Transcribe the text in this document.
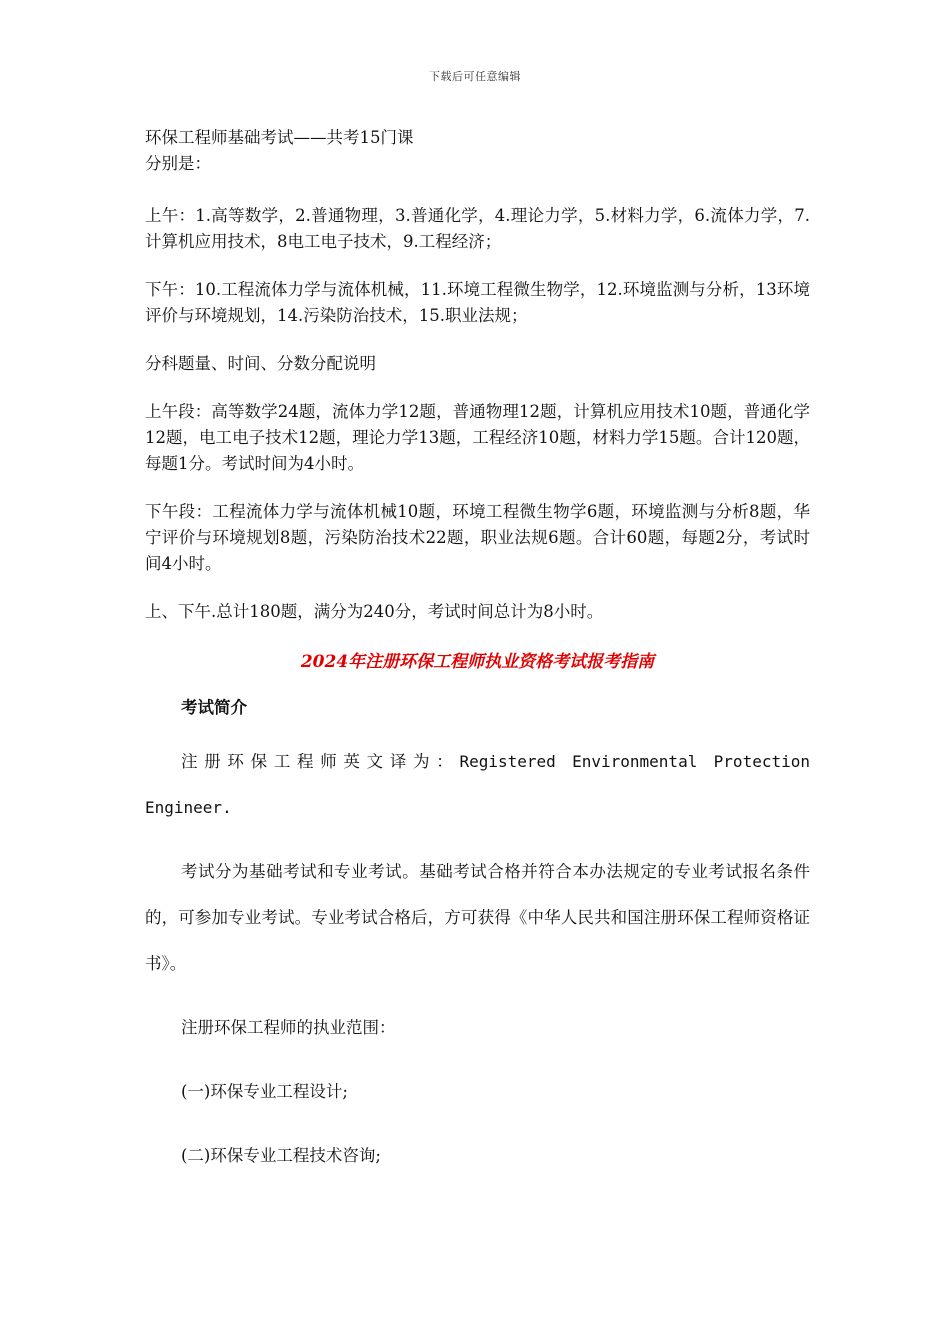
下载后可任意编辑

环保工程师基础考试——共考15门课

分别是：

上午：1.高等数学，2.普通物理，3.普通化学，4.理论力学，5.材料力学，6.流体力学，7.计算机应用技术，8电工电子技术，9.工程经济；

下午：10.工程流体力学与流体机械，11.环境工程微生物学，12.环境监测与分析，13环境评价与环境规划，14.污染防治技术，15.职业法规；

分科题量、时间、分数分配说明

上午段：高等数学24题，流体力学12题，普通物理12题，计算机应用技术10题，普通化学12题，电工电子技术12题，理论力学13题，工程经济10题，材料力学15题。合计120题，每题1分。考试时间为4小时。

下午段：工程流体力学与流体机械10题，环境工程微生物学6题，环境监测与分析8题，华宁评价与环境规划8题，污染防治技术22题，职业法规6题。合计60题，每题2分，考试时间4小时。

上、下午.总计180题，满分为240分，考试时间总计为8小时。

2024年注册环保工程师执业资格考试报考指南
考试简介

注册环保工程师英文译为：Registered Environmental Protection Engineer.

考试分为基础考试和专业考试。基础考试合格并符合本办法规定的专业考试报名条件的，可参加专业考试。专业考试合格后，方可获得《中华人民共和国注册环保工程师资格证书》。

注册环保工程师的执业范围：

(一)环保专业工程设计;

(二)环保专业工程技术咨询;
